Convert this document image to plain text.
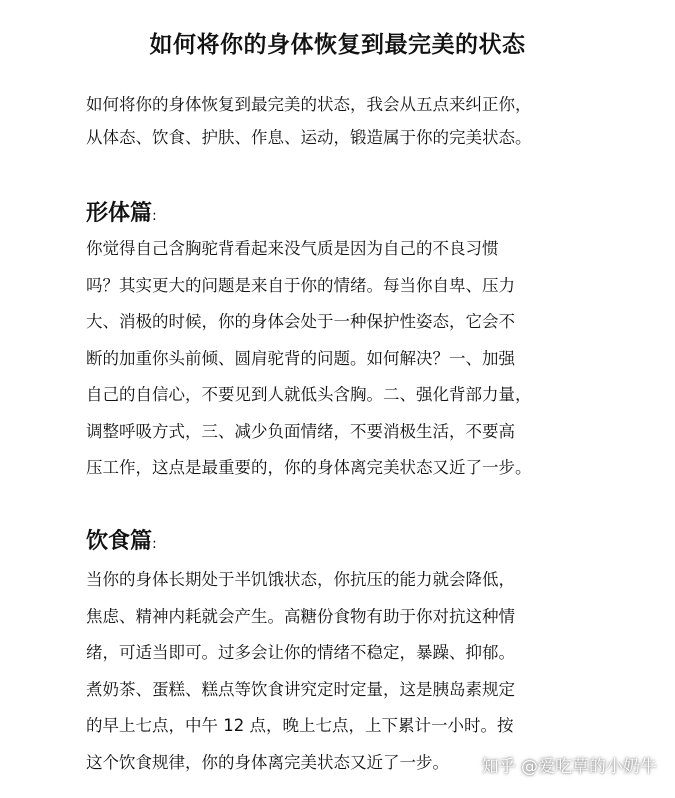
如何将你的身体恢复到最完美的状态
如何将你的身体恢复到最完美的状态，我会从五点来纠正你，
从体态、饮食、护肤、作息、运动，锻造属于你的完美状态。
形体篇:
你觉得自己含胸驼背看起来没气质是因为自己的不良习惯
吗？其实更大的问题是来自于你的情绪。每当你自卑、压力
大、消极的时候，你的身体会处于一种保护性姿态，它会不
断的加重你头前倾、圆肩驼背的问题。如何解决？一、加强
自己的自信心，不要见到人就低头含胸。二、强化背部力量，
调整呼吸方式，三、减少负面情绪，不要消极生活，不要高
压工作，这点是最重要的，你的身体离完美状态又近了一步。
饮食篇:
当你的身体长期处于半饥饿状态，你抗压的能力就会降低，
焦虑、精神内耗就会产生。高糖份食物有助于你对抗这种情
绪，可适当即可。过多会让你的情绪不稳定，暴躁、抑郁。
煮奶茶、蛋糕、糕点等饮食讲究定时定量，这是胰岛素规定
的早上七点，中午 12 点，晚上七点，上下累计一小时。按
这个饮食规律，你的身体离完美状态又近了一步。	知乎 @爱吃草的小奶牛
